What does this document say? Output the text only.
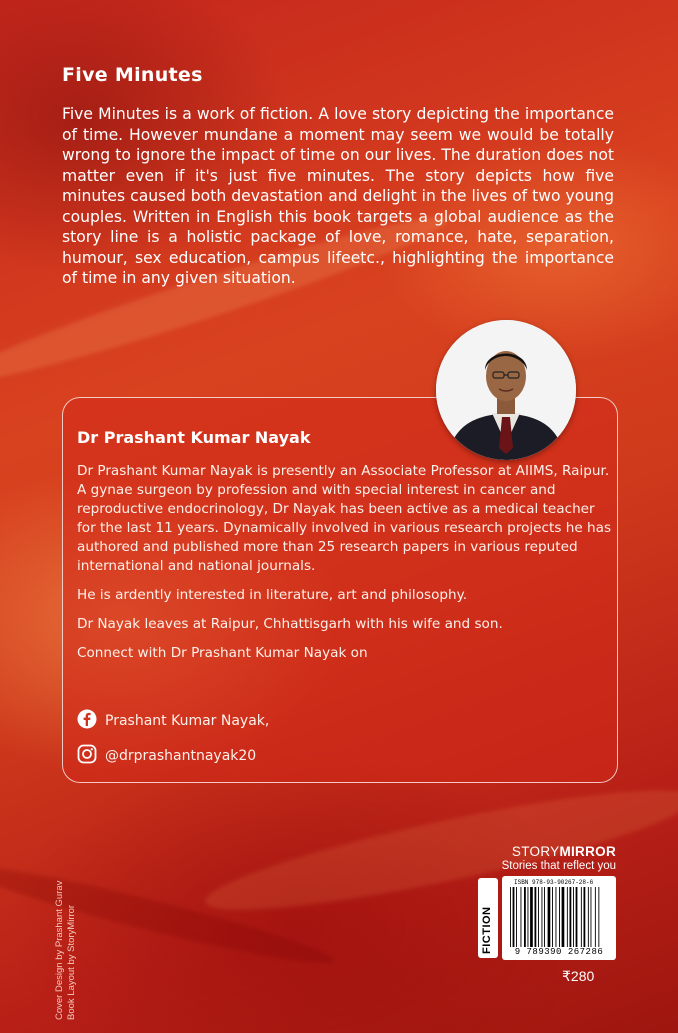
Five Minutes
Five Minutes is a work of fiction. A love story depicting the importance of time. However mundane a moment may seem we would be totally wrong to ignore the impact of time on our lives. The duration does not matter even if it's just five minutes. The story depicts how five minutes caused both devastation and delight in the lives of two young couples. Written in English this book targets a global audience as the story line is a holistic package of love, romance, hate, separation, humour, sex education, campus lifeetc., highlighting the importance of time in any given situation.
Dr Prashant Kumar Nayak

Dr Prashant Kumar Nayak is presently an Associate Professor at AIIMS, Raipur. A gynae surgeon by profession and with special interest in cancer and reproductive endocrinology, Dr Nayak has been active as a medical teacher for the last 11 years. Dynamically involved in various research projects he has authored and published more than 25 research papers in various reputed international and national journals.

He is ardently interested in literature, art and philosophy.

Dr Nayak leaves at Raipur, Chhattisgarh with his wife and son.

Connect with Dr Prashant Kumar Nayak on

Prashant Kumar Nayak,
@drprashantnayak20
Cover Design by Prashant Gurav Book Layout by StoryMirror
STORYMIRROR
Stories that reflect you
FICTION
ISBN 978-93-90267-28-6
9 789390 267286
₹280
